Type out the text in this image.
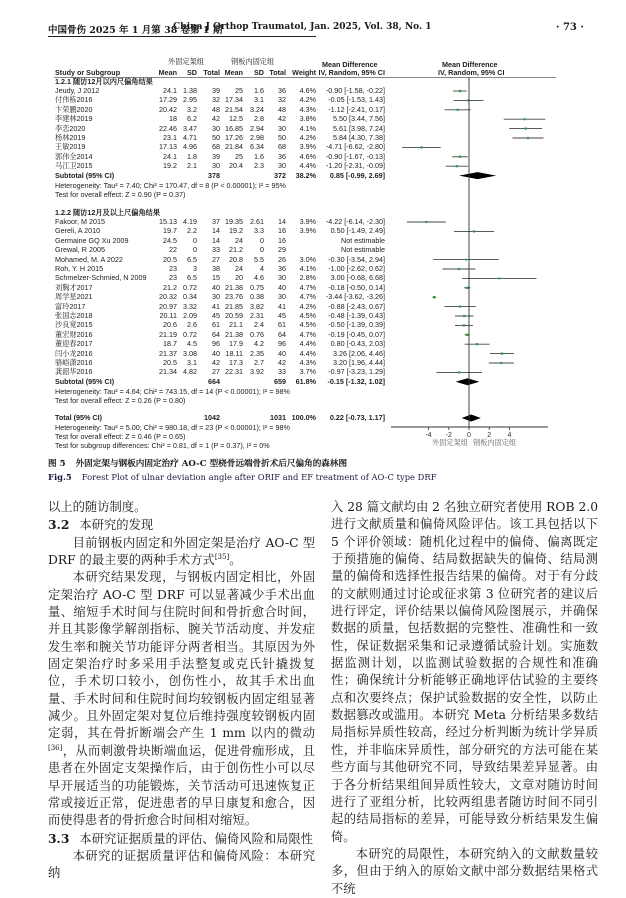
中国骨伤 2025 年 1 月第 38 卷第 1 期
China J Orthop Traumatol, Jan. 2025, Vol. 38, No. 1	· 73 ·
外固定架组	钢板内固定组	Mean Difference	Mean Difference
Study or Subgroup	Mean SD Total Mean SD Total Weight IV, Random, 95% CI	IV, Random, 95% CI
1.2.1 随访12月以内尺偏角结果
Jeudy, J 2012	24.1 1.38 39 25 1.6 36 4.6% -0.90 [-1.58, -0.22]
付伟栋2016	17.29 2.95 32 17.34 3.1 32 4.2% -0.05 [-1.53, 1.43]
卞荣鹏2020	20.42 3.2 48 21.54 3.24 48 4.3% -1.12 [-2.41, 0.17]
李建林2019	18 6.2 42 12.5 2.8 42 3.8% 5.50 [3.44, 7.56]
李恋2020	22.46 3.47 30 16.85 2.94 30 4.1% 5.61 [3.98, 7.24]
杨林2019	23.1 4.71 50 17.26 2.98 50 4.2% 5.84 [4.30, 7.38]
王敏2019	17.13 4.96 68 21.84 6.34 68 3.9% -4.71 [-6.62, -2.80]
郭伟全2014	24.1 1.8 39 25 1.6 36 4.6% -0.90 [-1.67, -0.13]
马江卫2015	19.2 2.1 30 20.4 2.3 30 4.4% -1.20 [-2.31, -0.09]
Subtotal (95% CI)	378	372 38.2% 0.85 [-0.99, 2.69]
Heterogeneity: Tau² = 7.40; Chi² = 170.47, df = 8 (P < 0.00001); I² = 95%
Test for overall effect: Z = 0.90 (P = 0.37)
1.2.2 随访12月及以上尺偏角结果
Fakoor, M 2015	15.13 4.19 37 19.35 2.61 14 3.9% -4.22 [-6.14, -2.30]
Gereli, A 2010	19.7 2.2 14 19.2 3.3 16 3.9% 0.50 [-1.49, 2.49]
Germaine GQ Xu 2009	24.5 0 14 24 0 16	Not estimable
Grewal, R 2005	22 0 33 21.2 0 29	Not estimable
Mohamed, M. A 2022	20.5 6.5 27 20.8 5.5 26 3.0% -0.30 [-3.54, 2.94]
Roh, Y. H 2015	23 3 38 24 4 36 4.1% -1.00 [-2.62, 0.62]
Schmelzer-Schmied, N 2009	23 6.5 15 20 4.6 30 2.8% 3.00 [-0.68, 6.68]
刘胸才2017	21.2 0.72 40 21.38 0.75 40 4.7% -0.18 [-0.50, 0.14]
周学星2021	20.32 0.34 30 23.76 0.38 30 4.7% -3.44 [-3.62, -3.26]
富玲2017	20.97 3.32 41 21.85 3.82 41 4.2% -0.88 [-2.43, 0.67]
张国志2018	20.11 2.09 45 20.59 2.31 45 4.5% -0.48 [-1.39, 0.43]
沙良宽2015	20.6 2.6 61 21.1 2.4 61 4.5% -0.50 [-1.39, 0.39]
董宏财2016	21.19 0.72 64 21.38 0.76 64 4.7% -0.19 [-0.45, 0.07]
董迎春2017	18.7 4.5 96 17.9 4.2 96 4.4% 0.80 [-0.43, 2.03]
闫小龙2016	21.37 3.08 40 18.11 2.35 40 4.4% 3.26 [2.06, 4.46]
骆峪潇2016	20.5 3.1 42 17.3 2.7 42 4.3% 3.20 [1.96, 4.44]
龚韶华2016	21.34 4.82 27 22.31 3.92 33 3.7% -0.97 [-3.23, 1.29]
Subtotal (95% CI)	664	659 61.8% -0.15 [-1.32, 1.02]
Heterogeneity: Tau² = 4.64; Chi² = 743.15, df = 14 (P < 0.00001); I² = 98%
Test for overall effect: Z = 0.26 (P = 0.80)
Total (95% CI)	1042	1031 100.0% 0.22 [-0.73, 1.17]
Heterogeneity: Tau² = 5.00; Chi² = 980.18, df = 23 (P < 0.00001); I² = 98%
Test for overall effect: Z = 0.46 (P = 0.65)
Test for subgroup differences: Chi² = 0.81, df = 1 (P = 0.37), I² = 0%
-4 -2 0 2 4
外固定架组 钢板内固定组
图 5 外固定架与钢板内固定治疗 AO-C 型桡骨远端骨折术后尺偏角的森林图
Fig.5 Forest Plot of ulnar deviation angle after ORIF and EF treatment of AO-C type DRF

以上的随访制度。

3.2 本研究的发现

目前钢板内固定和外固定架是治疗 AO-C 型 DRF 的最主要的两种手术方式[35]。

本研究结果发现，与钢板内固定相比，外固定架治疗 AO-C 型 DRF 可以显著减少手术出血量、缩短手术时间与住院时间和骨折愈合时间，并且其影像学解剖指标、腕关节活动度、并发症发生率和腕关节功能评分两者相当。其原因为外固定架治疗时多采用手法整复或克氏针撬拨复位，手术切口较小，创伤性小，故其手术出血量、手术时间和住院时间均较钢板内固定组显著减少。且外固定架对复位后维持强度较钢板内固定弱，其在骨折断端会产生 1 mm 以内的微动[36]，从而刺激骨块断端血运，促进骨痂形成，且患者在外固定支架操作后，由于创伤性小可以尽早开展适当的功能锻炼，关节活动可迅速恢复正常或接近正常，促进患者的早日康复和愈合，因而使得患者的骨折愈合时间相对缩短。

3.3 本研究证据质量的评估、偏倚风险和局限性

本研究的证据质量评估和偏倚风险：本研究纳

入 28 篇文献均由 2 名独立研究者使用 ROB 2.0 进行文献质量和偏倚风险评估。该工具包括以下 5 个评价领域：随机化过程中的偏倚、偏离既定于预措施的偏倚、结局数据缺失的偏倚、结局测量的偏倚和选择性报告结果的偏倚。对于有分歧的文献则通过讨论或征求第 3 位研究者的建议后进行评定，评价结果以偏倚风险图展示，并确保数据的质量，包括数据的完整性、准确性和一致性，保证数据采集和记录遵循试验计划。实施数据监测计划，以监测试验数据的合规性和准确性；确保统计分析能够正确地评估试验的主要终点和次要终点；保护试验数据的安全性，以防止数据篡改或滥用。本研究 Meta 分析结果多数结局指标异质性较高，经过分析判断为统计学异质性，并非临床异质性，部分研究的方法可能在某些方面与其他研究不同，导致结果差异显著。由于各分析结果组间异质性较大，文章对随访时间进行了亚组分析，比较两组患者随访时间不同引起的结局指标的差异，可能导致分析结果发生偏倚。

本研究的局限性，本研究纳入的文献数量较多，但由于纳入的原始文献中部分数据结果格式不统
